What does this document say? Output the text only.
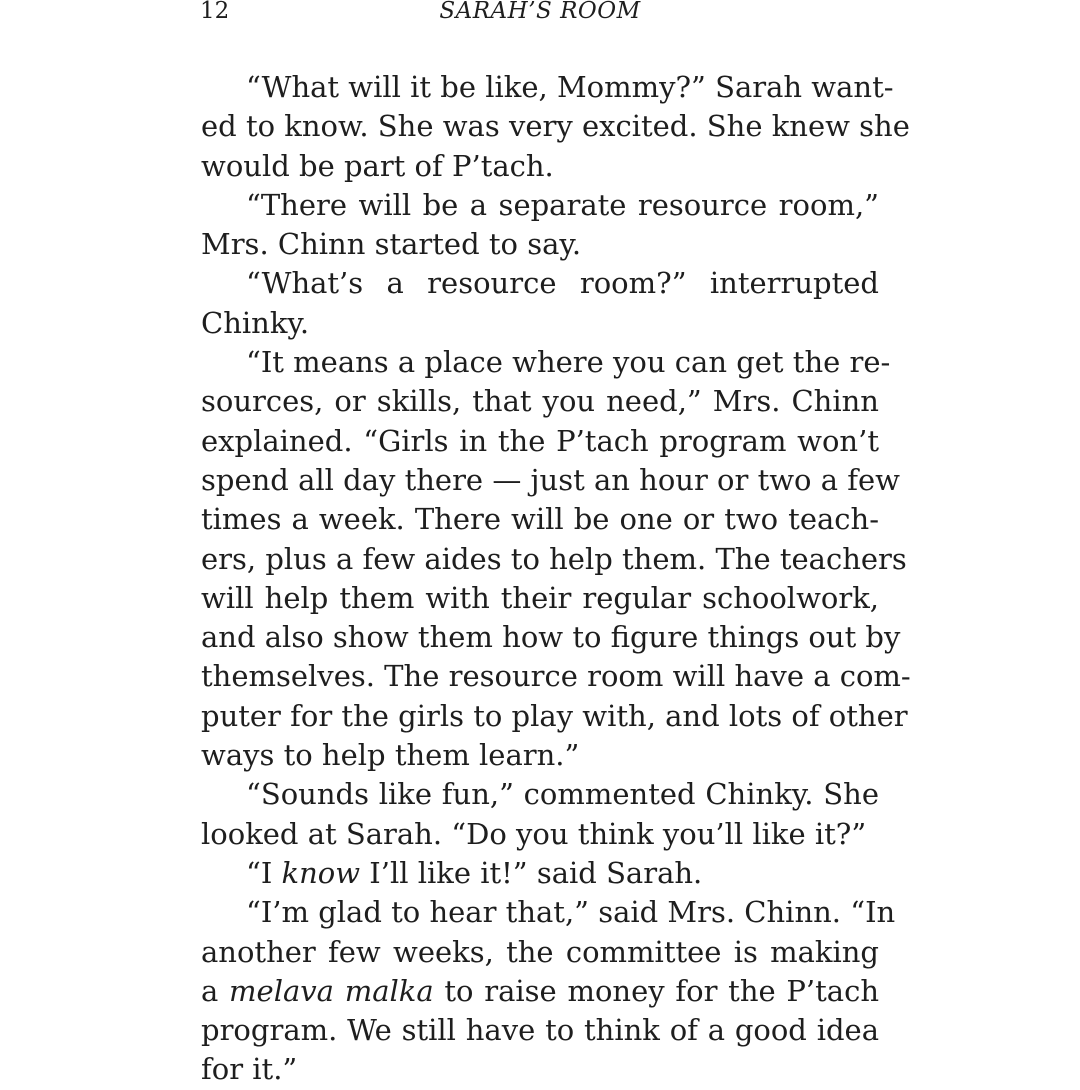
12	SARAH’S ROOM

“What will it be like, Mommy?” Sarah want-
ed to know. She was very excited. She knew she
would be part of P’tach.

“There will be a separate resource room,”
Mrs. Chinn started to say.

“What’s a resource room?” interrupted
Chinky.

“It means a place where you can get the re-
sources, or skills, that you need,” Mrs. Chinn
explained. “Girls in the P’tach program won’t
spend all day there — just an hour or two a few
times a week. There will be one or two teach-
ers, plus a few aides to help them. The teachers
will help them with their regular schoolwork,
and also show them how to figure things out by
themselves. The resource room will have a com-
puter for the girls to play with, and lots of other
ways to help them learn.”

“Sounds like fun,” commented Chinky. She
looked at Sarah. “Do you think you’ll like it?”

“I know I’ll like it!” said Sarah.

“I’m glad to hear that,” said Mrs. Chinn. “In
another few weeks, the committee is making
a melava malka to raise money for the P’tach
program. We still have to think of a good idea
for it.”
